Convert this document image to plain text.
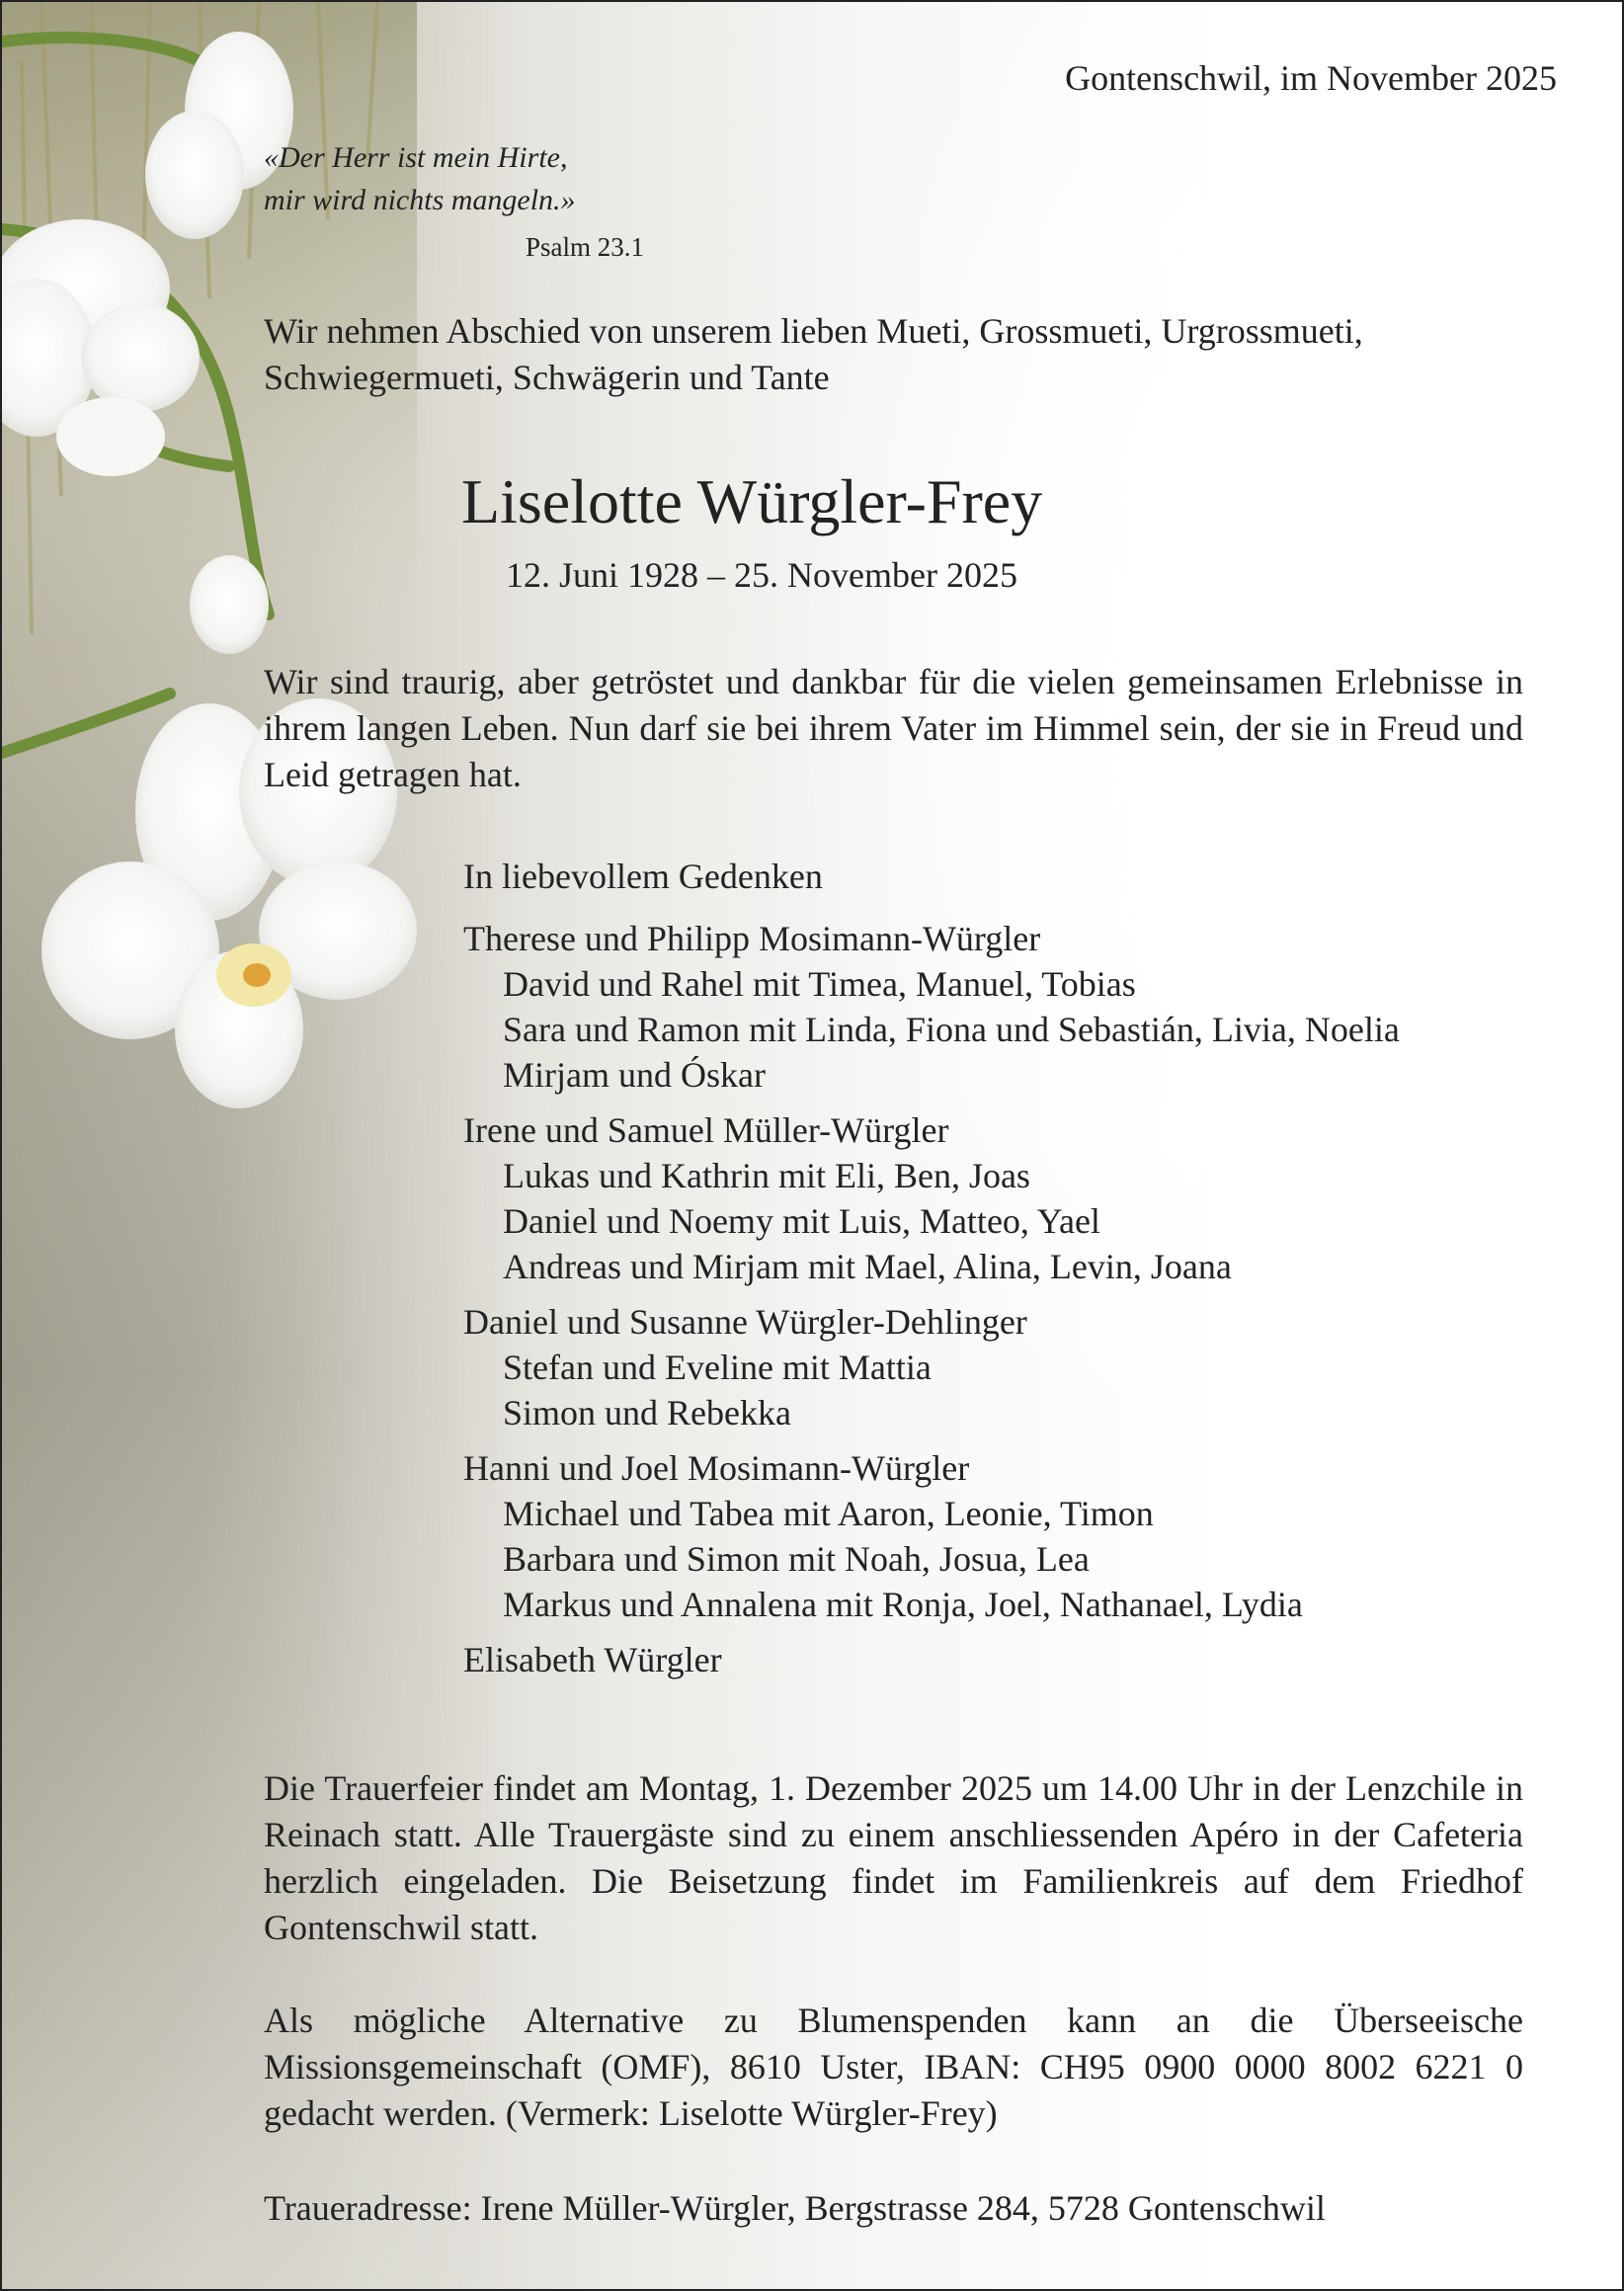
Gontenschwil, im November 2025
«Der Herr ist mein Hirte,
mir wird nichts mangeln.»
Psalm 23.1
Wir nehmen Abschied von unserem lieben Mueti, Grossmueti, Urgrossmueti,
Schwiegermueti, Schwägerin und Tante
Liselotte Würgler-Frey
12. Juni 1928 – 25. November 2025
Wir sind traurig, aber getröstet und dankbar für die vielen gemeinsamen Erlebnisse in ihrem langen Leben. Nun darf sie bei ihrem Vater im Himmel sein, der sie in Freud und Leid getragen hat.
In liebevollem Gedenken
Therese und Philipp Mosimann-Würgler
David und Rahel mit Timea, Manuel, Tobias
Sara und Ramon mit Linda, Fiona und Sebastián, Livia, Noelia
Mirjam und Óskar
Irene und Samuel Müller-Würgler
Lukas und Kathrin mit Eli, Ben, Joas
Daniel und Noemy mit Luis, Matteo, Yael
Andreas und Mirjam mit Mael, Alina, Levin, Joana
Daniel und Susanne Würgler-Dehlinger
Stefan und Eveline mit Mattia
Simon und Rebekka
Hanni und Joel Mosimann-Würgler
Michael und Tabea mit Aaron, Leonie, Timon
Barbara und Simon mit Noah, Josua, Lea
Markus und Annalena mit Ronja, Joel, Nathanael, Lydia
Elisabeth Würgler
Die Trauerfeier findet am Montag, 1. Dezember 2025 um 14.00 Uhr in der Lenzchile in Reinach statt. Alle Trauergäste sind zu einem anschliessenden Apéro in der Cafeteria herzlich eingeladen. Die Beisetzung findet im Familienkreis auf dem Friedhof Gontenschwil statt.
Als mögliche Alternative zu Blumenspenden kann an die Überseeische Missionsgemeinschaft (OMF), 8610 Uster, IBAN: CH95 0900 0000 8002 6221 0 gedacht werden. (Vermerk: Liselotte Würgler-Frey)
Traueradresse: Irene Müller-Würgler, Bergstrasse 284, 5728 Gontenschwil
